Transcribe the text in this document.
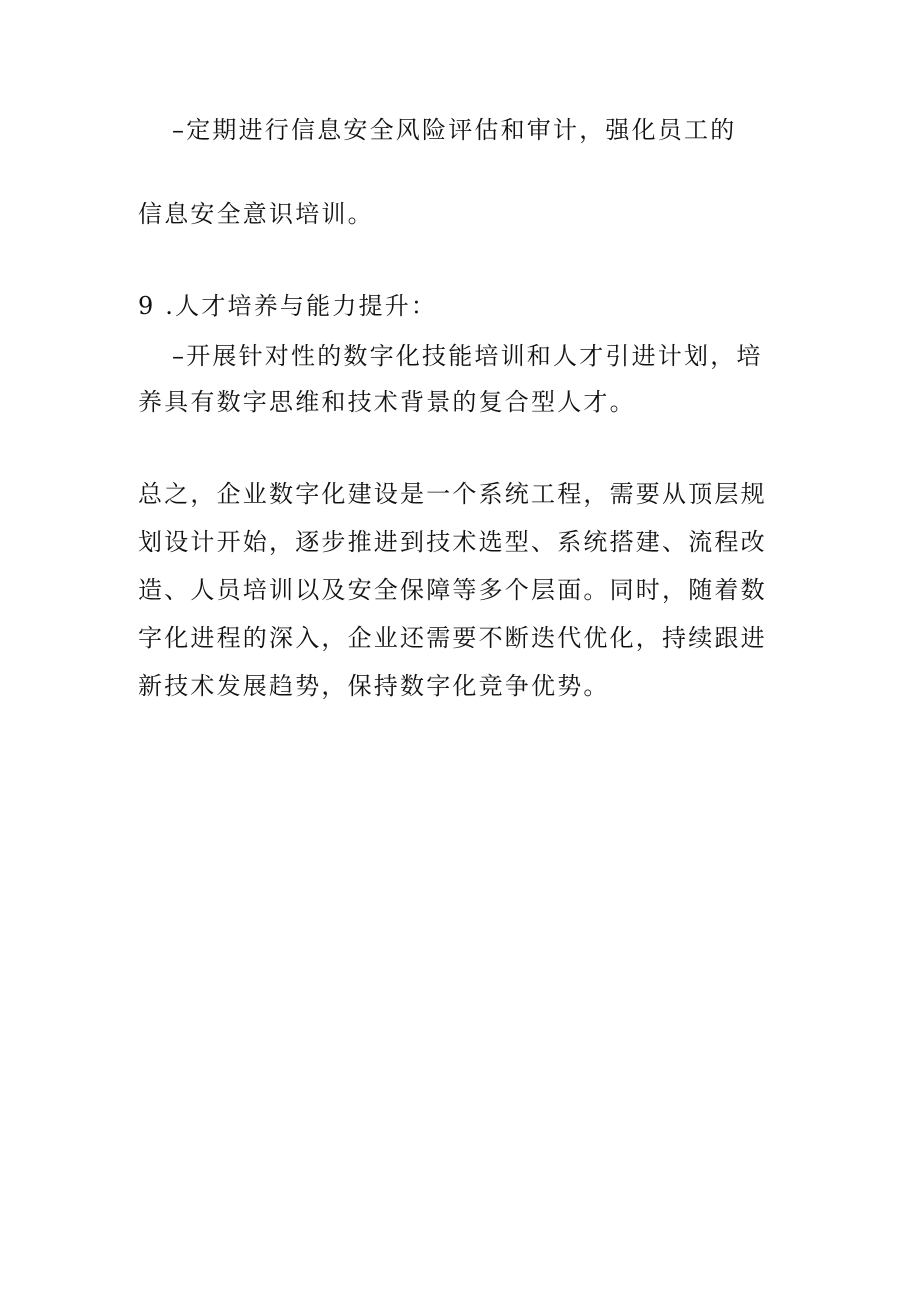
–定期进行信息安全风险评估和审计，强化员工的
信息安全意识培训。
9 .人才培养与能力提升：
–开展针对性的数字化技能培训和人才引进计划，培
养具有数字思维和技术背景的复合型人才。
总之，企业数字化建设是一个系统工程，需要从顶层规
划设计开始，逐步推进到技术选型、系统搭建、流程改
造、人员培训以及安全保障等多个层面。同时，随着数
字化进程的深入，企业还需要不断迭代优化，持续跟进
新技术发展趋势，保持数字化竞争优势。
